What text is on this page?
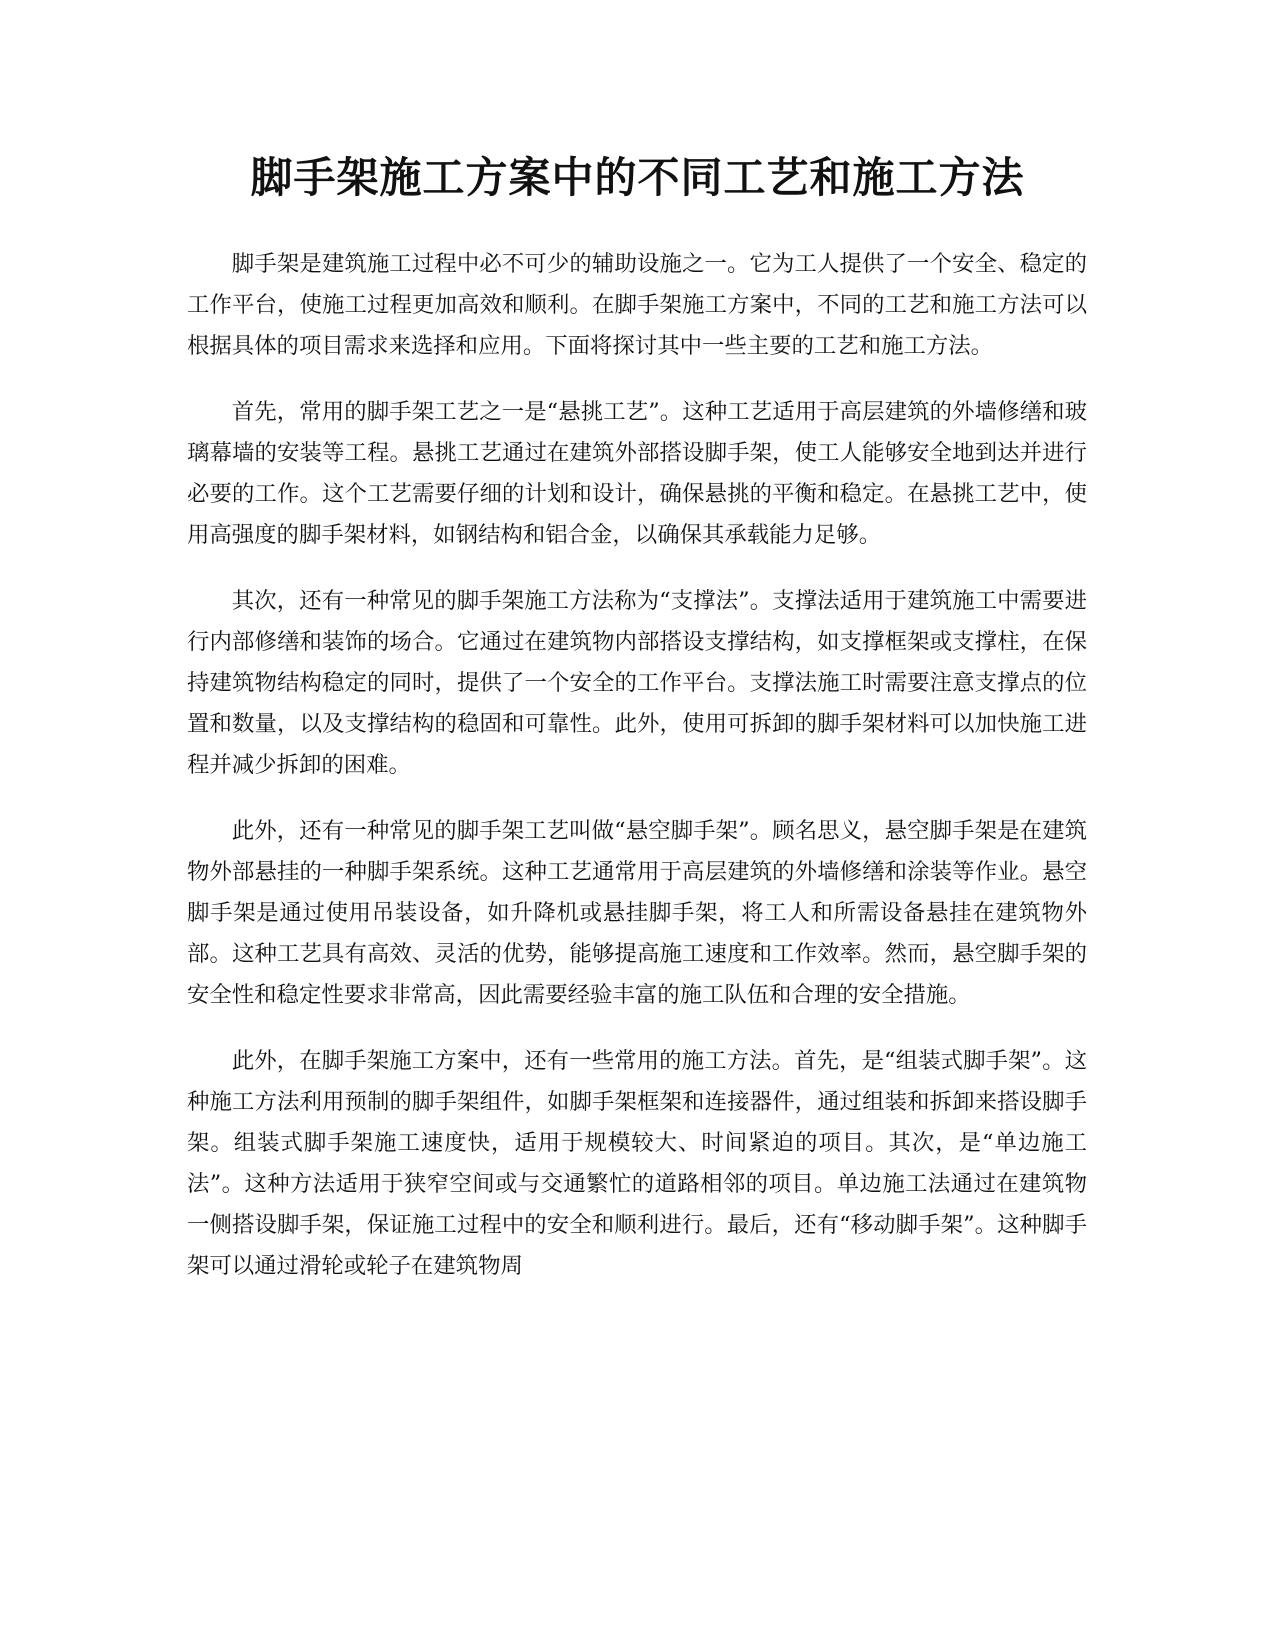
脚手架施工方案中的不同工艺和施工方法

脚手架是建筑施工过程中必不可少的辅助设施之一。它为工人提供了一个安全、稳定的工作平台，使施工过程更加高效和顺利。在脚手架施工方案中，不同的工艺和施工方法可以根据具体的项目需求来选择和应用。下面将探讨其中一些主要的工艺和施工方法。

首先，常用的脚手架工艺之一是“悬挑工艺”。这种工艺适用于高层建筑的外墙修缮和玻璃幕墙的安装等工程。悬挑工艺通过在建筑外部搭设脚手架，使工人能够安全地到达并进行必要的工作。这个工艺需要仔细的计划和设计，确保悬挑的平衡和稳定。在悬挑工艺中，使用高强度的脚手架材料，如钢结构和铝合金，以确保其承载能力足够。

其次，还有一种常见的脚手架施工方法称为“支撑法”。支撑法适用于建筑施工中需要进行内部修缮和装饰的场合。它通过在建筑物内部搭设支撑结构，如支撑框架或支撑柱，在保持建筑物结构稳定的同时，提供了一个安全的工作平台。支撑法施工时需要注意支撑点的位置和数量，以及支撑结构的稳固和可靠性。此外，使用可拆卸的脚手架材料可以加快施工进程并减少拆卸的困难。

此外，还有一种常见的脚手架工艺叫做“悬空脚手架”。顾名思义，悬空脚手架是在建筑物外部悬挂的一种脚手架系统。这种工艺通常用于高层建筑的外墙修缮和涂装等作业。悬空脚手架是通过使用吊装设备，如升降机或悬挂脚手架，将工人和所需设备悬挂在建筑物外部。这种工艺具有高效、灵活的优势，能够提高施工速度和工作效率。然而，悬空脚手架的安全性和稳定性要求非常高，因此需要经验丰富的施工队伍和合理的安全措施。

此外，在脚手架施工方案中，还有一些常用的施工方法。首先，是“组装式脚手架”。这种施工方法利用预制的脚手架组件，如脚手架框架和连接器件，通过组装和拆卸来搭设脚手架。组装式脚手架施工速度快，适用于规模较大、时间紧迫的项目。其次，是“单边施工法”。这种方法适用于狭窄空间或与交通繁忙的道路相邻的项目。单边施工法通过在建筑物一侧搭设脚手架，保证施工过程中的安全和顺利进行。最后，还有“移动脚手架”。这种脚手架可以通过滑轮或轮子在建筑物周
